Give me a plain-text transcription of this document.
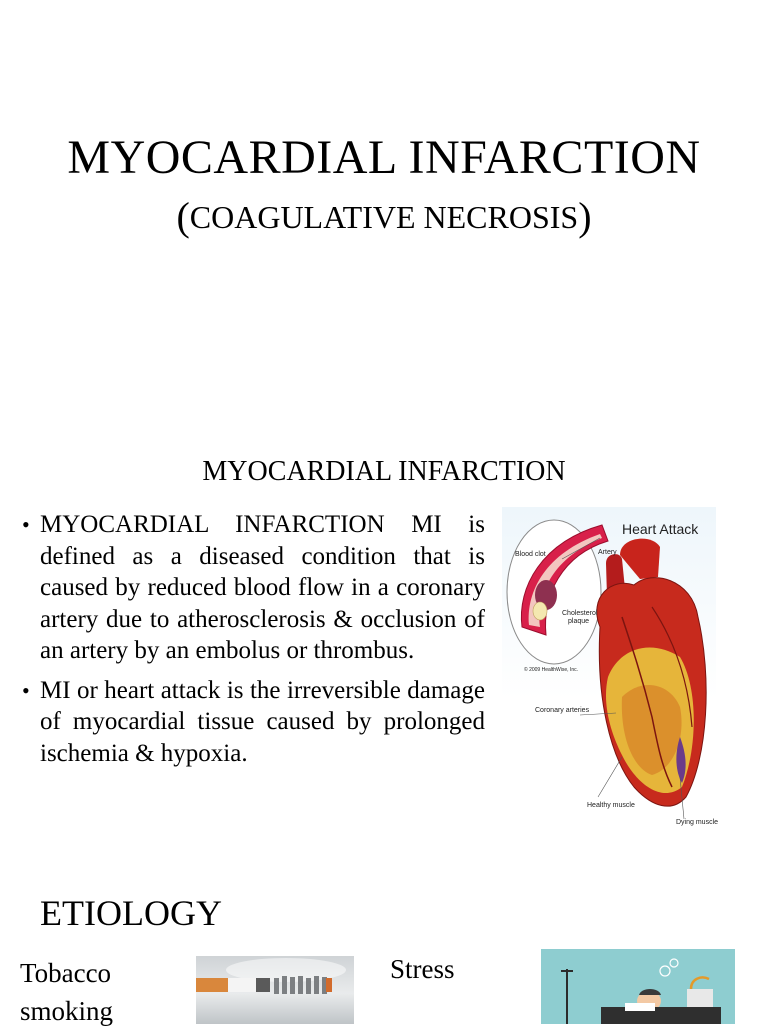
MYOCARDIAL INFARCTION
(COAGULATIVE NECROSIS)
MYOCARDIAL INFARCTION
• MYOCARDIAL INFARCTION MI is defined as a diseased condition that is caused by reduced blood flow in a coronary artery due to atherosclerosis & occlusion of an artery by an embolus or thrombus.
• MI or heart attack is the irreversible damage of myocardial tissue caused by prolonged ischemia & hypoxia.
Heart Attack
Blood clot	Artery
Cholesterol
plaque
© 2009 HealthWise, Inc.
Coronary arteries
Healthy muscle
Dying muscle
ETIOLOGY
Tobacco
smoking
Stress
